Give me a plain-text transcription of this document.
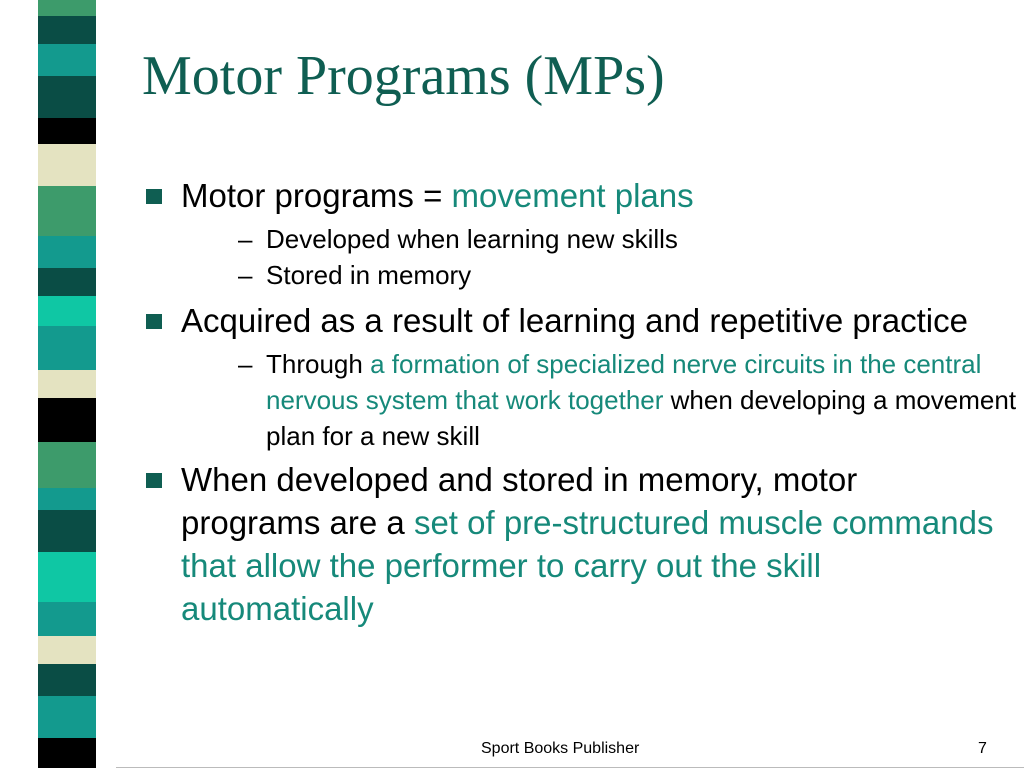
Motor Programs (MPs)
Motor programs = movement plans
– Developed when learning new skills
– Stored in memory
Acquired as a result of learning and repetitive practice
– Through a formation of specialized nerve circuits in the central nervous system that work together when developing a movement plan for a new skill
When developed and stored in memory, motor programs are a set of pre-structured muscle commands that allow the performer to carry out the skill automatically
Sport Books Publisher	7
